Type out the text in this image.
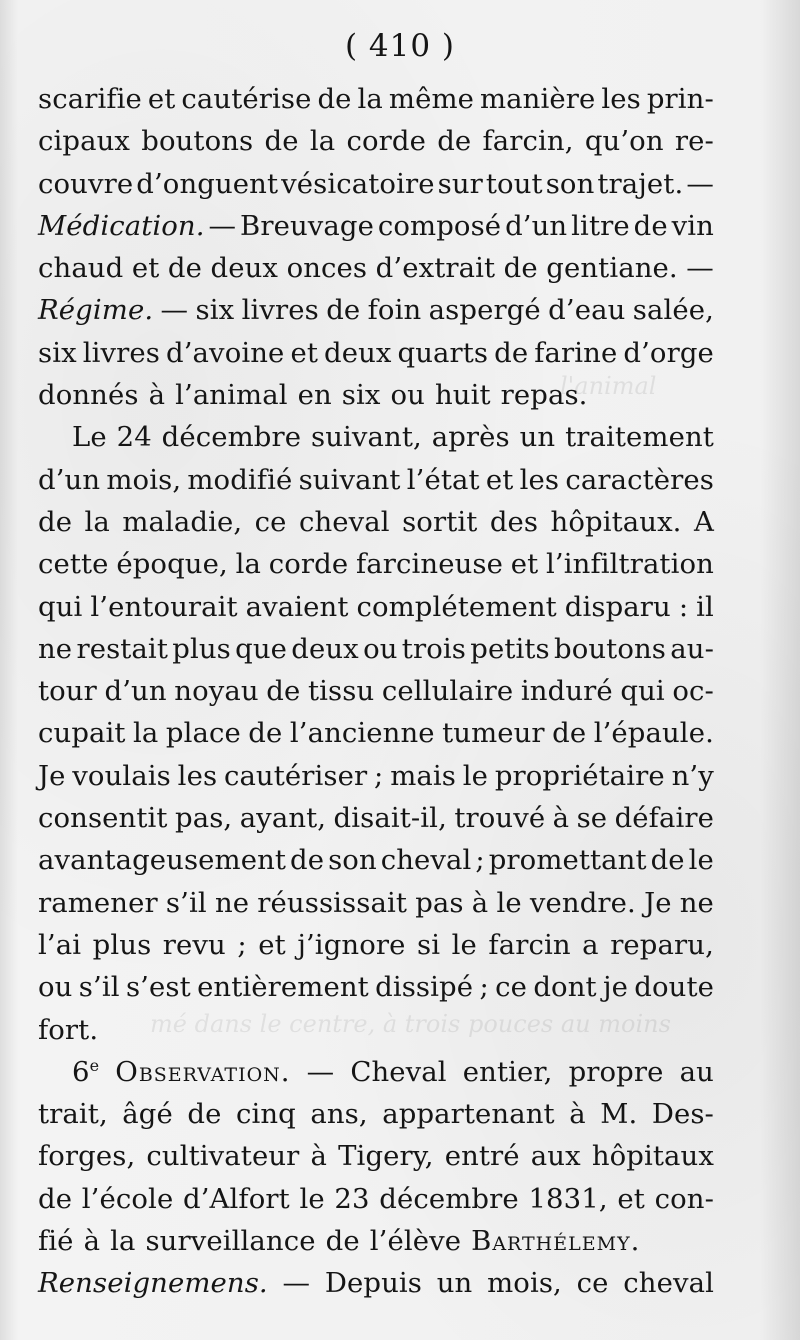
( 410 )
l'animal
mé dans le centre, à trois pouces au moins
scarifie et cautérise de la même manière les prin-
cipaux boutons de la corde de farcin, qu’on re-
couvre d’onguent vésicatoire sur tout son trajet. —
Médication. — Breuvage composé d’un litre de vin
chaud et de deux onces d’extrait de gentiane. —
Régime. — six livres de foin aspergé d’eau salée,
six livres d’avoine et deux quarts de farine d’orge
donnés à l’animal en six ou huit repas.
Le 24 décembre suivant, après un traitement
d’un mois, modifié suivant l’état et les caractères
de la maladie, ce cheval sortit des hôpitaux. A
cette époque, la corde farcineuse et l’infiltration
qui l’entourait avaient complétement disparu : il
ne restait plus que deux ou trois petits boutons au-
tour d’un noyau de tissu cellulaire induré qui oc-
cupait la place de l’ancienne tumeur de l’épaule.
Je voulais les cautériser ; mais le propriétaire n’y
consentit pas, ayant, disait-il, trouvé à se défaire
avantageusement de son cheval ; promettant de le
ramener s’il ne réussissait pas à le vendre. Je ne
l’ai plus revu ; et j’ignore si le farcin a reparu,
ou s’il s’est entièrement dissipé ; ce dont je doute
fort.
6e Observation. — Cheval entier, propre au
trait, âgé de cinq ans, appartenant à M. Des-
forges, cultivateur à Tigery, entré aux hôpitaux
de l’école d’Alfort le 23 décembre 1831, et con-
fié à la surveillance de l’élève Barthélemy.
Renseignemens. — Depuis un mois, ce cheval
